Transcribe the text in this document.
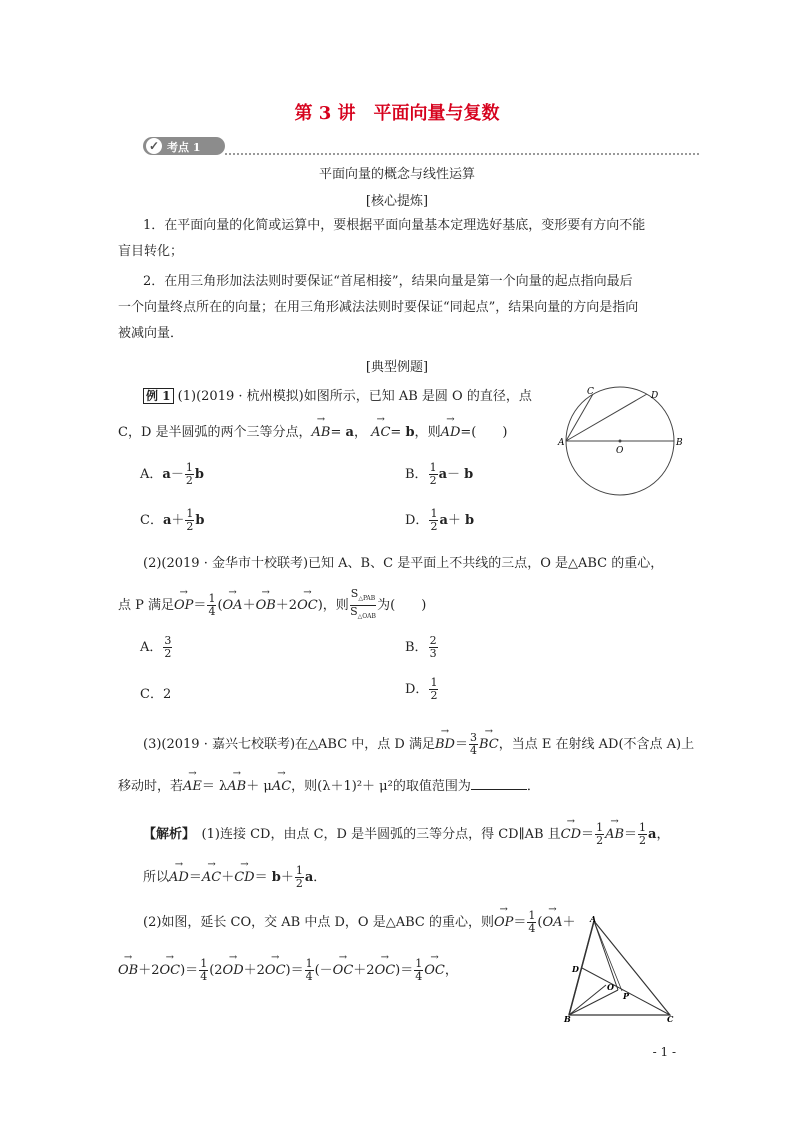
第 3 讲　平面向量与复数
✓ 考点 1
平面向量的概念与线性运算
[核心提炼]
1．在平面向量的化简或运算中，要根据平面向量基本定理选好基底，变形要有方向不能
盲目转化；
2．在用三角形加法法则时要保证“首尾相接”，结果向量是第一个向量的起点指向最后
一个向量终点所在的向量；在用三角形减法法则时要保证“同起点”，结果向量的方向是指向
被减向量．
[典型例题]
例 1 (1)(2019 · 杭州模拟)如图所示，已知 AB 是圆 O 的直径，点
C，D 是半圆弧的两个三等分点，→ AB= a， → AC= b，则→ AD=(　　)
A．$a- \frac{1}{2}$ b	B． $\frac{1}{2} a- b$
C．$a+ \frac{1}{2}$ b	D． $\frac{1}{2} a+ b$
C	D
A
O
B
(2)(2019 · 金华市十校联考)已知 A、B、C 是平面上不共线的三点，O 是△ABC 的重心，
点 P 满足→ $OP= \frac{1}{4}$ (→ OA＋→ OB＋2→ OC)，则 $\frac{S_{\triangle PAB}}{S_{\triangle OAB}}$ 为(　　)
A． $\frac{3}{2}$	B． $\frac{2}{3}$
C．2	D． $\frac{1}{2}$
(3)(2019 · 嘉兴七校联考)在△ABC 中，点 D 满足→ $BD= \frac{3}{4}$
→ BC，当点 E 在射线 AD(不含点 A)上
移动时，若→ AE＝ λ→ AB＋ μ→ AC，则(λ＋1)²＋ μ²的取值范围为	．
【解析】　 (1)连接 CD，由点 C，D 是半圆弧的三等分点，得 CD∥AB 且→ $CD= \frac{1}{2}$
→ $AB= \frac{1}{2}$ a，
所以→ $AD=\to AC+\to CD= b+ \frac{1}{2}$ a．
(2)如图，延长 CO，交 AB 中点 D，O 是△ABC 的重心，则→ $OP= \frac{1}{4}$ (→ OA＋
→ $OB+2\to OC)= \frac{1}{4} (2\to OD+2\to OC)= \frac{1}{4}$ (－→ $OC+2\to OC)= \frac{1}{4}$
→ OC，
A
D
O
P
B	C
- 1 -
